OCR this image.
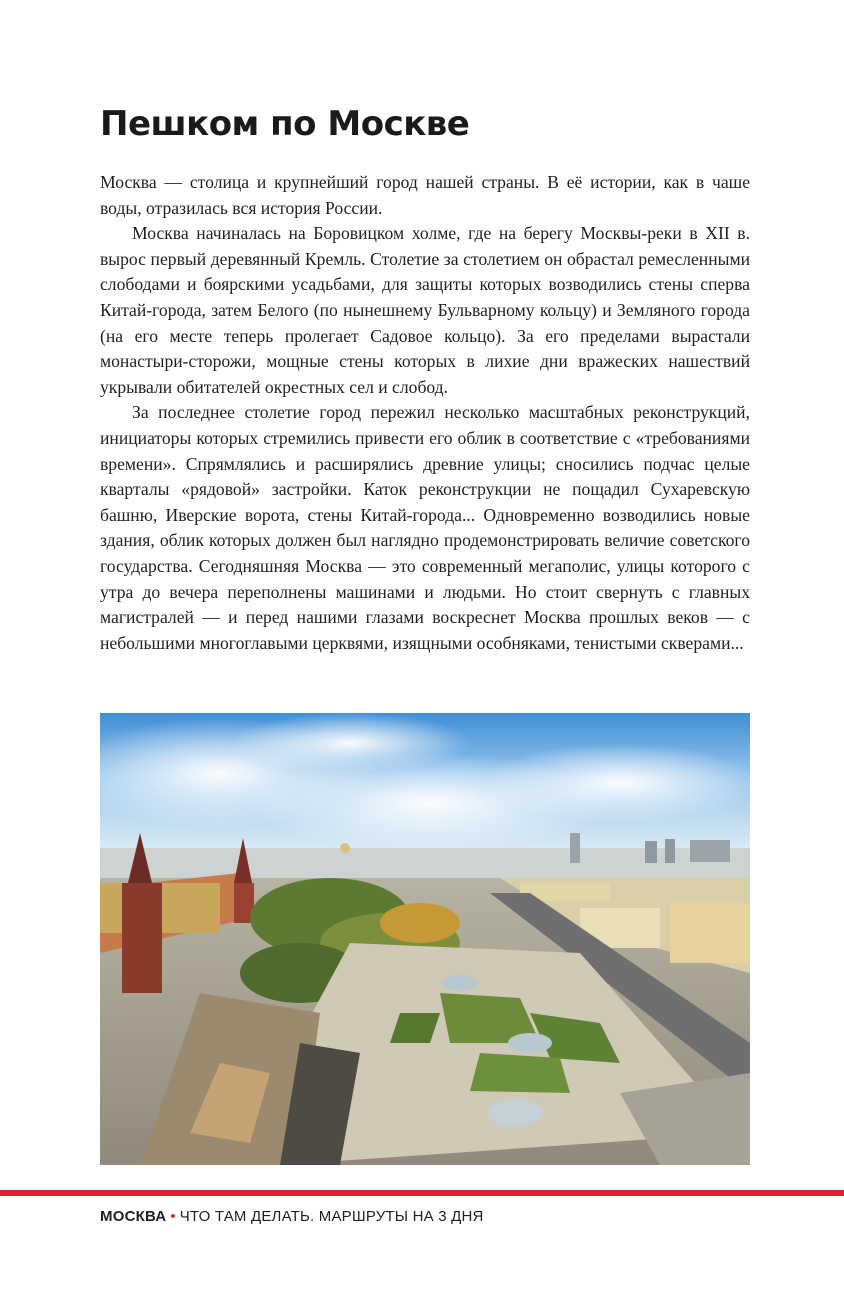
Пешком по Москве

Москва — столица и крупнейший город нашей страны. В её истории, как в чаше воды, отразилась вся история России.

Москва начиналась на Боровицком холме, где на берегу Москвы-реки в XII в. вырос первый деревянный Кремль. Столетие за столетием он обрастал ремесленными слободами и боярскими усадьбами, для защиты которых возводились стены сперва Китай-города, затем Белого (по нынешнему Бульварному кольцу) и Земляного города (на его месте теперь пролегает Садовое кольцо). За его пределами вырастали монастыри-сторожи, мощные стены которых в лихие дни вражеских нашествий укрывали обитателей окрестных сел и слобод.

За последнее столетие город пережил несколько масштабных реконструкций, инициаторы которых стремились привести его облик в соответствие с «требованиями времени». Спрямлялись и расширялись древние улицы; сносились подчас целые кварталы «рядовой» застройки. Каток реконструкции не пощадил Сухаревскую башню, Иверские ворота, стены Китай-города... Одновременно возводились новые здания, облик которых должен был наглядно продемонстрировать величие советского государства. Сегодняшняя Москва — это современный мегаполис, улицы которого с утра до вечера переполнены машинами и людьми. Но стоит свернуть с главных магистралей — и перед нашими глазами воскреснет Москва прошлых веков — с небольшими многоглавыми церквями, изящными особняками, тенистыми скверами...

МОСКВА • ЧТО ТАМ ДЕЛАТЬ. МАРШРУТЫ НА 3 ДНЯ
